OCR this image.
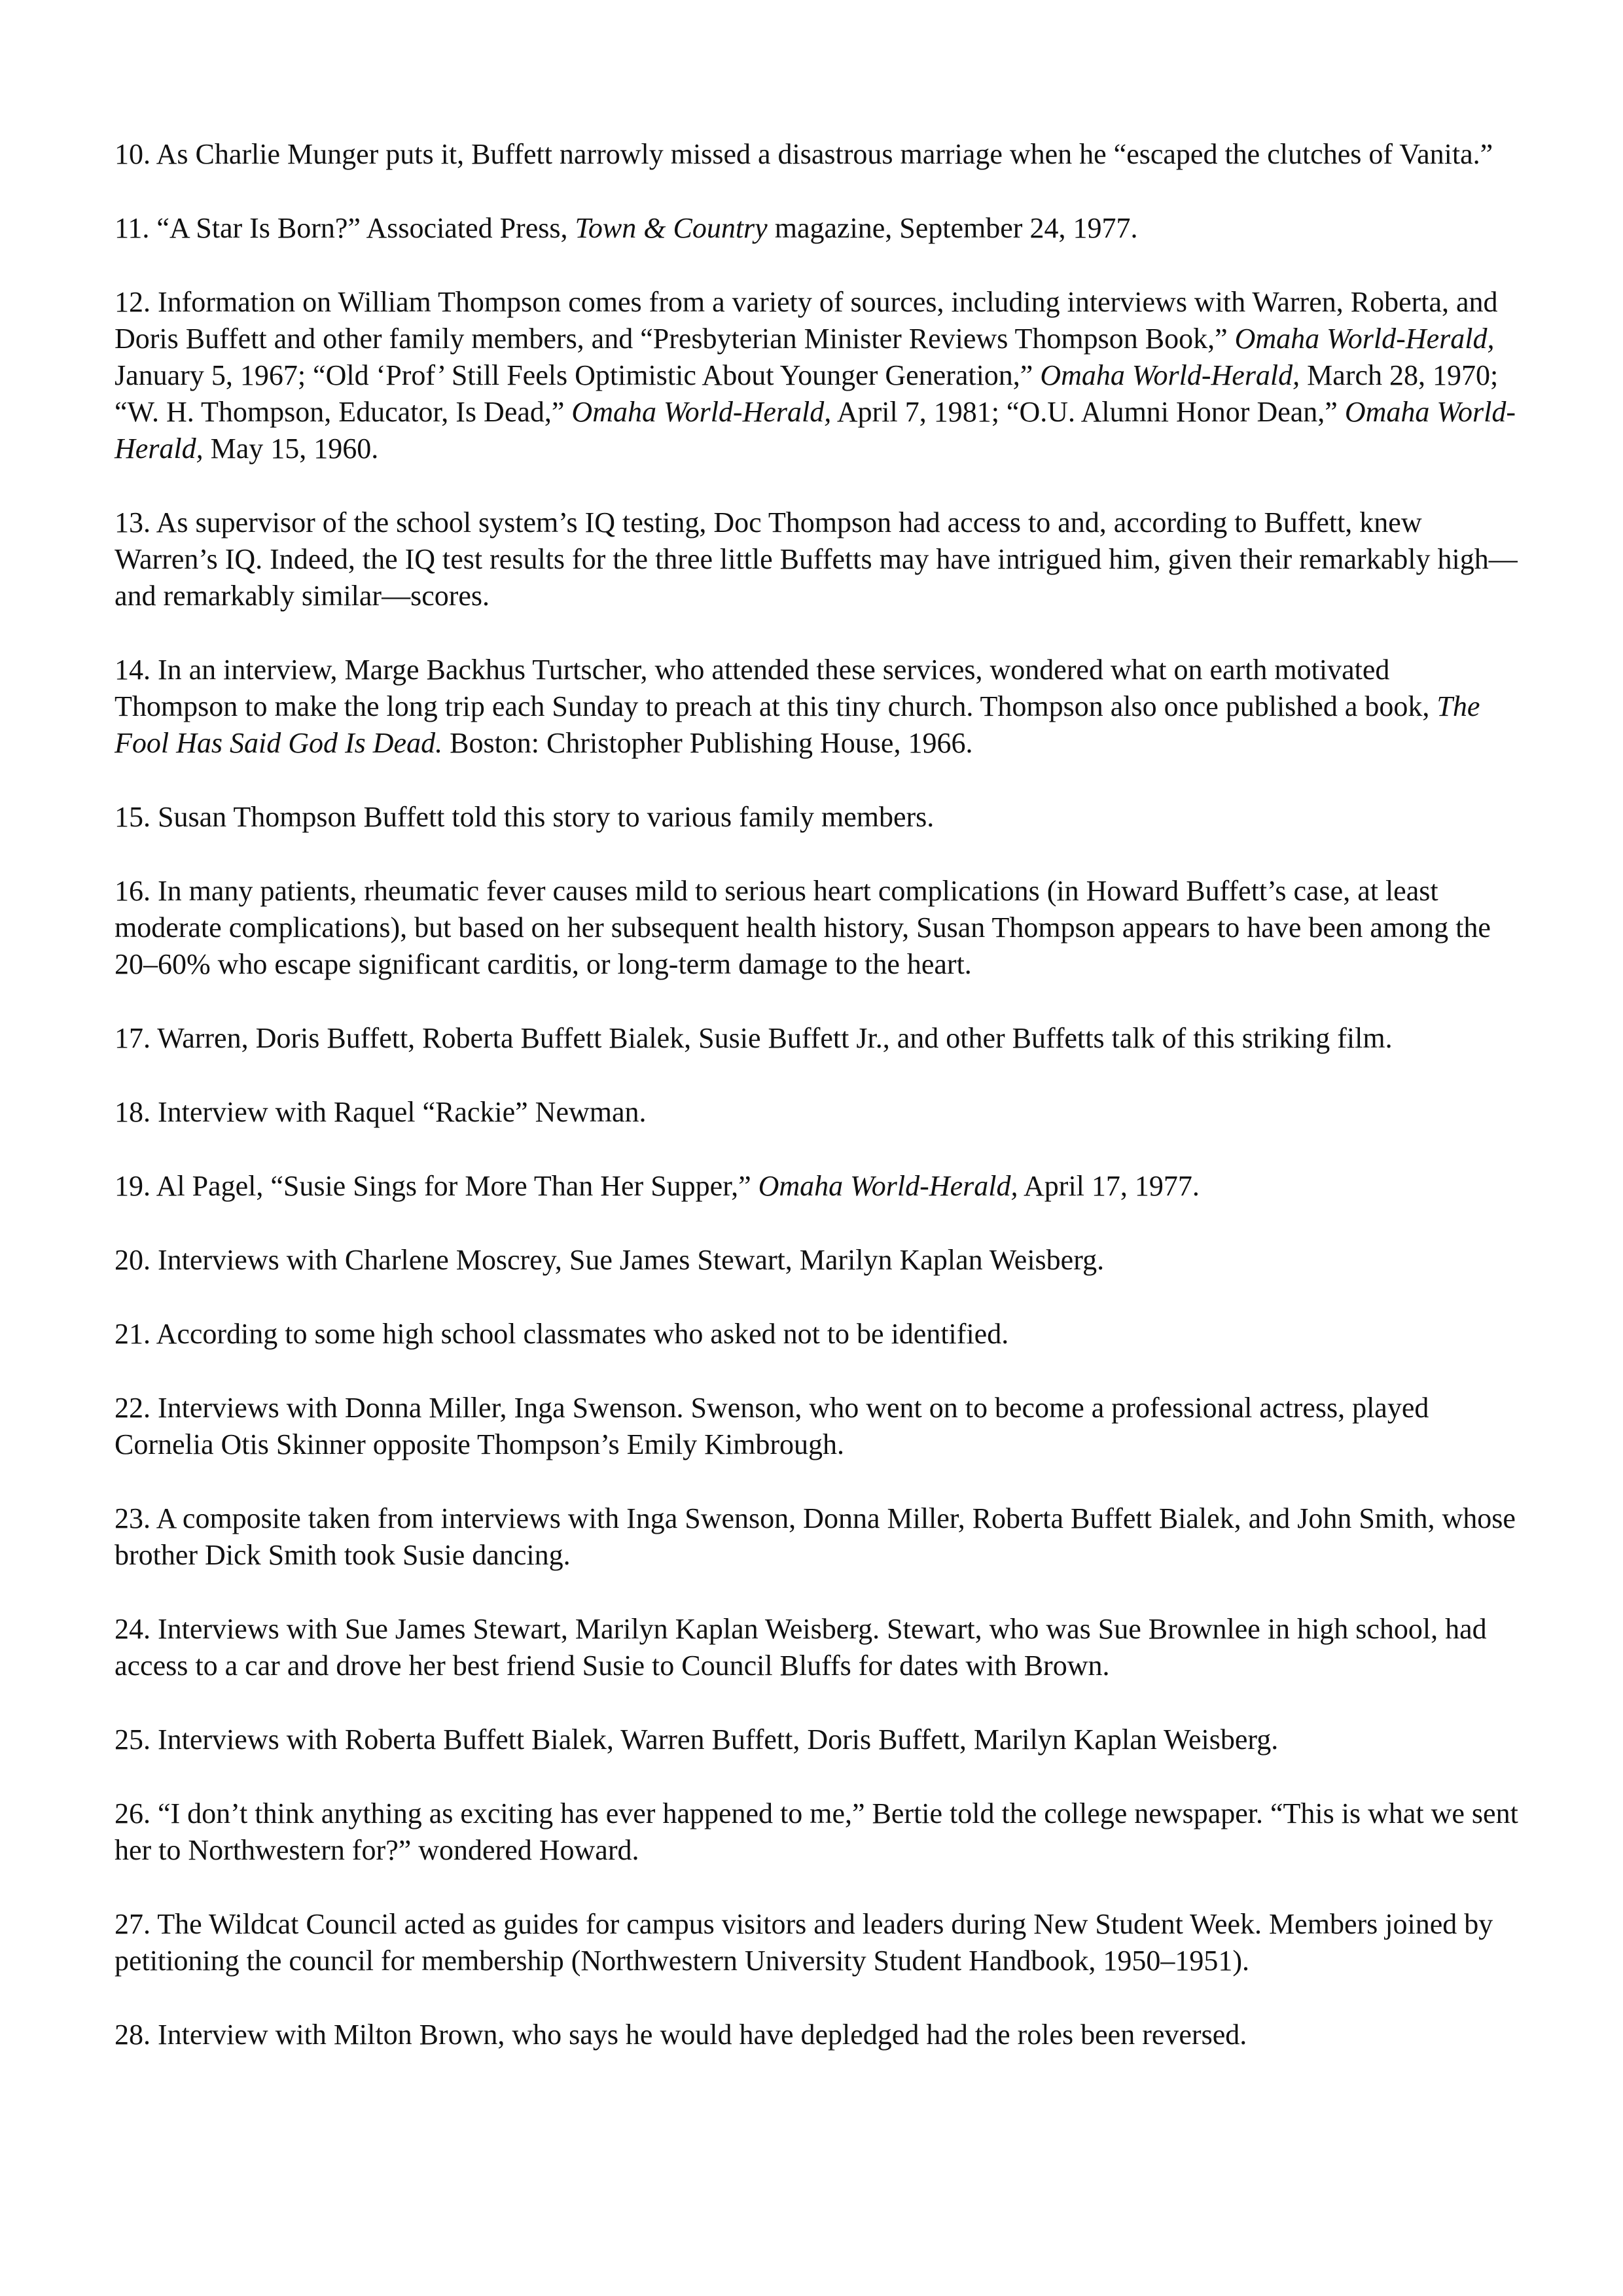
10. As Charlie Munger puts it, Buffett narrowly missed a disastrous marriage when he “escaped the clutches of Vanita.”

11. “A Star Is Born?” Associated Press, Town & Country magazine, September 24, 1977.

12. Information on William Thompson comes from a variety of sources, including interviews with Warren, Roberta, and Doris Buffett and other family members, and “Presbyterian Minister Reviews Thompson Book,” Omaha World-Herald, January 5, 1967; “Old ‘Prof’ Still Feels Optimistic About Younger Generation,” Omaha World-Herald, March 28, 1970; “W. H. Thompson, Educator, Is Dead,” Omaha World-Herald, April 7, 1981; “O.U. Alumni Honor Dean,” Omaha World-Herald, May 15, 1960.

13. As supervisor of the school system’s IQ testing, Doc Thompson had access to and, according to Buffett, knew Warren’s IQ. Indeed, the IQ test results for the three little Buffetts may have intrigued him, given their remarkably high—and remarkably similar—scores.

14. In an interview, Marge Backhus Turtscher, who attended these services, wondered what on earth motivated Thompson to make the long trip each Sunday to preach at this tiny church. Thompson also once published a book, The Fool Has Said God Is Dead. Boston: Christopher Publishing House, 1966.

15. Susan Thompson Buffett told this story to various family members.

16. In many patients, rheumatic fever causes mild to serious heart complications (in Howard Buffett’s case, at least moderate complications), but based on her subsequent health history, Susan Thompson appears to have been among the 20–60% who escape significant carditis, or long-term damage to the heart.

17. Warren, Doris Buffett, Roberta Buffett Bialek, Susie Buffett Jr., and other Buffetts talk of this striking film.

18. Interview with Raquel “Rackie” Newman.

19. Al Pagel, “Susie Sings for More Than Her Supper,” Omaha World-Herald, April 17, 1977.

20. Interviews with Charlene Moscrey, Sue James Stewart, Marilyn Kaplan Weisberg.

21. According to some high school classmates who asked not to be identified.

22. Interviews with Donna Miller, Inga Swenson. Swenson, who went on to become a professional actress, played Cornelia Otis Skinner opposite Thompson’s Emily Kimbrough.

23. A composite taken from interviews with Inga Swenson, Donna Miller, Roberta Buffett Bialek, and John Smith, whose brother Dick Smith took Susie dancing.

24. Interviews with Sue James Stewart, Marilyn Kaplan Weisberg. Stewart, who was Sue Brownlee in high school, had access to a car and drove her best friend Susie to Council Bluffs for dates with Brown.

25. Interviews with Roberta Buffett Bialek, Warren Buffett, Doris Buffett, Marilyn Kaplan Weisberg.

26. “I don’t think anything as exciting has ever happened to me,” Bertie told the college newspaper. “This is what we sent her to Northwestern for?” wondered Howard.

27. The Wildcat Council acted as guides for campus visitors and leaders during New Student Week. Members joined by petitioning the council for membership (Northwestern University Student Handbook, 1950–1951).

28. Interview with Milton Brown, who says he would have depledged had the roles been reversed.
